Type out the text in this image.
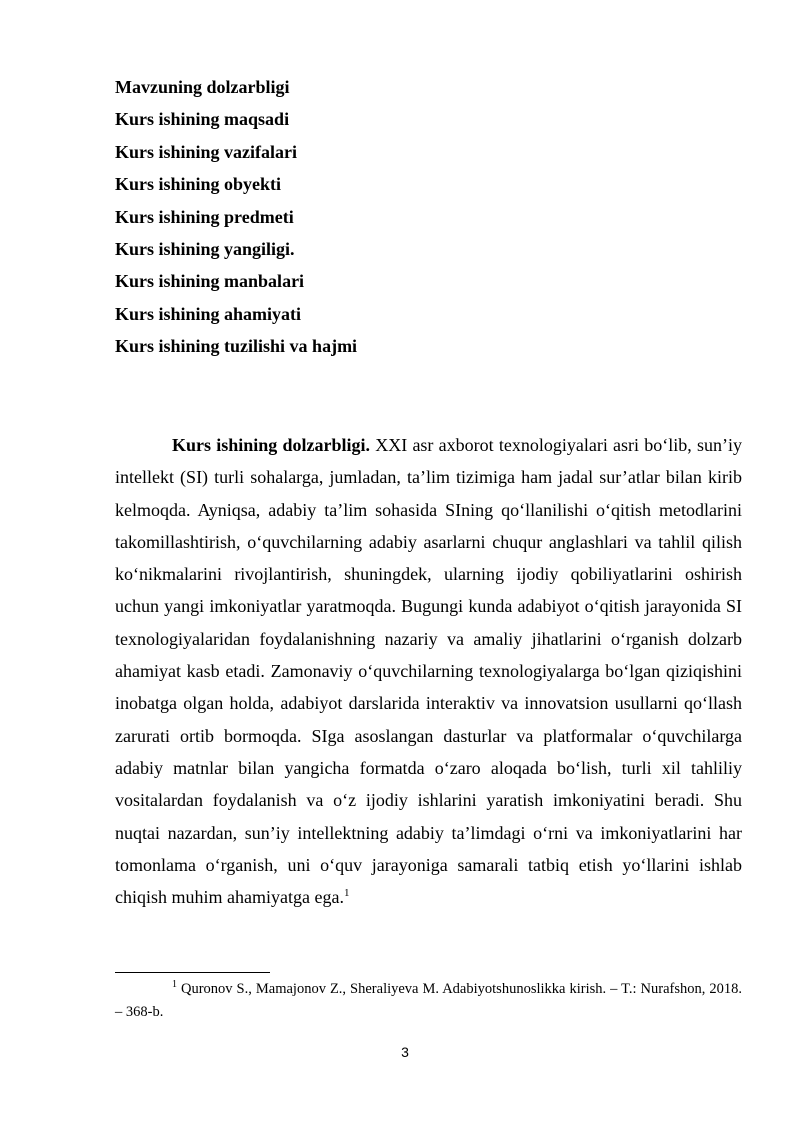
Mavzuning dolzarbligi
Kurs ishining maqsadi
Kurs ishining vazifalari
Kurs ishining obyekti
Kurs ishining predmeti
Kurs ishining yangiligi.
Kurs ishining manbalari
Kurs ishining ahamiyati
Kurs ishining tuzilishi va hajmi

Kurs ishining dolzarbligi. XXI asr axborot texnologiyalari asri bo‘lib, sun’iy intellekt (SI) turli sohalarga, jumladan, ta’lim tizimiga ham jadal sur’atlar bilan kirib kelmoqda. Ayniqsa, adabiy ta’lim sohasida SIning qo‘llanilishi o‘qitish metodlarini takomillashtirish, o‘quvchilarning adabiy asarlarni chuqur anglashlari va tahlil qilish ko‘nikmalarini rivojlantirish, shuningdek, ularning ijodiy qobiliyatlarini oshirish uchun yangi imkoniyatlar yaratmoqda. Bugungi kunda adabiyot o‘qitish jarayonida SI texnologiyalaridan foydalanishning nazariy va amaliy jihatlarini o‘rganish dolzarb ahamiyat kasb etadi. Zamonaviy o‘quvchilarning texnologiyalarga bo‘lgan qiziqishini inobatga olgan holda, adabiyot darslarida interaktiv va innovatsion usullarni qo‘llash zarurati ortib bormoqda. SIga asoslangan dasturlar va platformalar o‘quvchilarga adabiy matnlar bilan yangicha formatda o‘zaro aloqada bo‘lish, turli xil tahliliy vositalardan foydalanish va o‘z ijodiy ishlarini yaratish imkoniyatini beradi. Shu nuqtai nazardan, sun’iy intellektning adabiy ta’limdagi o‘rni va imkoniyatlarini har tomonlama o‘rganish, uni o‘quv jarayoniga samarali tatbiq etish yo‘llarini ishlab chiqish muhim ahamiyatga ega.$^1$

$^1$ Quronov S., Mamajonov Z., Sheraliyeva M. Adabiyotshunoslikka kirish. – T.: Nurafshon, 2018. – 368-b.

3
